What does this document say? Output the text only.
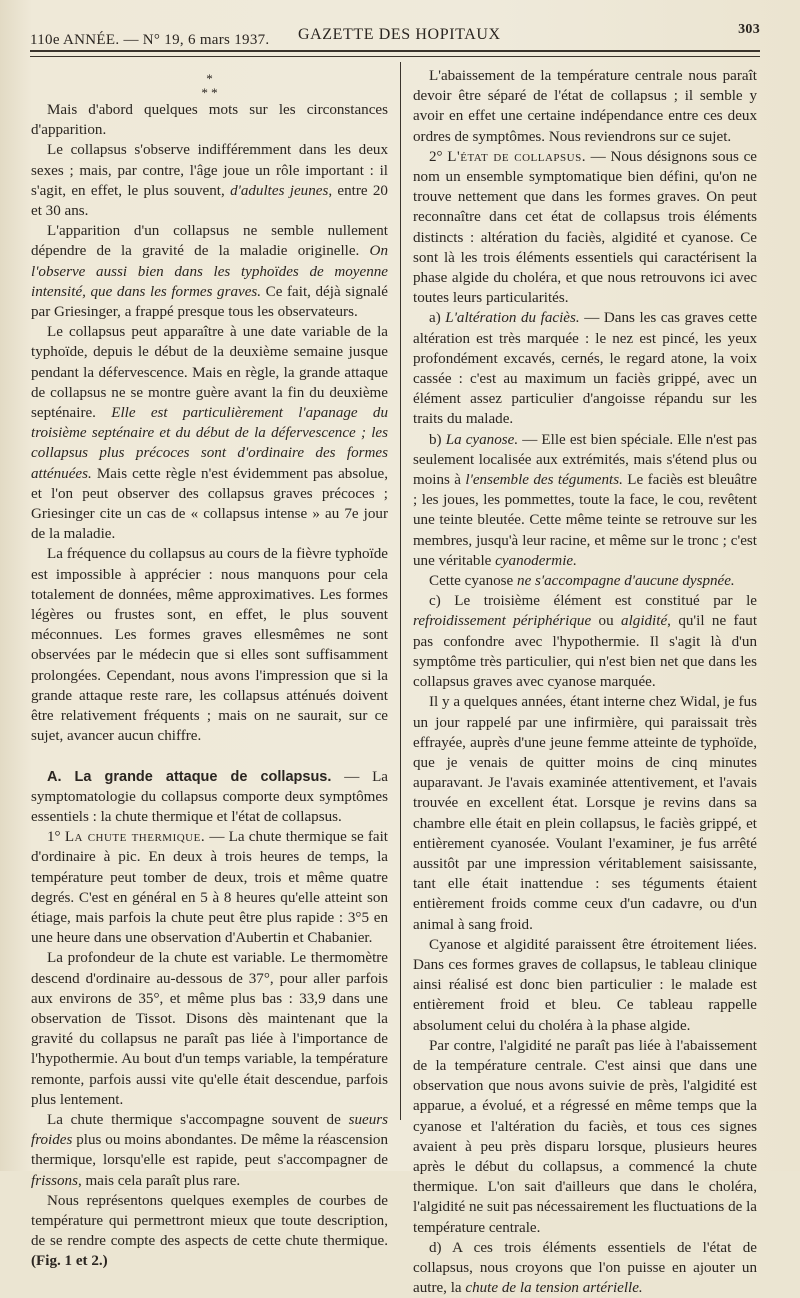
110e ANNÉE. — N° 19, 6 mars 1937. GAZETTE DES HOPITAUX	303
*
* *

Mais d'abord quelques mots sur les circonstances d'apparition.

Le collapsus s'observe indifféremment dans les deux sexes ; mais, par contre, l'âge joue un rôle important : il s'agit, en effet, le plus souvent, d'adultes jeunes, entre 20 et 30 ans.

L'apparition d'un collapsus ne semble nullement dépendre de la gravité de la maladie originelle. On l'observe aussi bien dans les typhoïdes de moyenne intensité, que dans les formes graves. Ce fait, déjà signalé par Griesinger, a frappé presque tous les observateurs.

Le collapsus peut apparaître à une date variable de la typhoïde, depuis le début de la deuxième semaine jusque pendant la défervescence. Mais en règle, la grande attaque de collapsus ne se montre guère avant la fin du deuxième septénaire. Elle est particulièrement l'apanage du troisième septénaire et du début de la défervescence ; les collapsus plus précoces sont d'ordinaire des formes atténuées. Mais cette règle n'est évidemment pas absolue, et l'on peut observer des collapsus graves précoces ; Griesinger cite un cas de « collapsus intense » au 7e jour de la maladie.

La fréquence du collapsus au cours de la fièvre typhoïde est impossible à apprécier : nous manquons pour cela totalement de données, même approximatives. Les formes légères ou frustes sont, en effet, le plus souvent méconnues. Les formes graves ellesmêmes ne sont observées par le médecin que si elles sont suffisamment prolongées. Cependant, nous avons l'impression que si la grande attaque reste rare, les collapsus atténués doivent être relativement fréquents ; mais on ne saurait, sur ce sujet, avancer aucun chiffre.

A. La grande attaque de collapsus. — La symptomatologie du collapsus comporte deux symptômes essentiels : la chute thermique et l'état de collapsus.

1° La chute thermique. — La chute thermique se fait d'ordinaire à pic. En deux à trois heures de temps, la température peut tomber de deux, trois et même quatre degrés. C'est en général en 5 à 8 heures qu'elle atteint son étiage, mais parfois la chute peut être plus rapide : 3°5 en une heure dans une observation d'Aubertin et Chabanier.

La profondeur de la chute est variable. Le thermomètre descend d'ordinaire au-dessous de 37°, pour aller parfois aux environs de 35°, et même plus bas : 33,9 dans une observation de Tissot. Disons dès maintenant que la gravité du collapsus ne paraît pas liée à l'importance de l'hypothermie. Au bout d'un temps variable, la température remonte, parfois aussi vite qu'elle était descendue, parfois plus lentement.

La chute thermique s'accompagne souvent de sueurs froides plus ou moins abondantes. De même la réascension thermique, lorsqu'elle est rapide, peut s'accompagner de frissons, mais cela paraît plus rare.

Nous représentons quelques exemples de courbes de température qui permettront mieux que toute description, de se rendre compte des aspects de cette chute thermique. (Fig. 1 et 2.)

L'abaissement de la température centrale nous paraît devoir être séparé de l'état de collapsus ; il semble y avoir en effet une certaine indépendance entre ces deux ordres de symptômes. Nous reviendrons sur ce sujet.

2° L'état de collapsus. — Nous désignons sous ce nom un ensemble symptomatique bien défini, qu'on ne trouve nettement que dans les formes graves. On peut reconnaître dans cet état de collapsus trois éléments distincts : altération du faciès, algidité et cyanose. Ce sont là les trois éléments essentiels qui caractérisent la phase algide du choléra, et que nous retrouvons ici avec toutes leurs particularités.

a) L'altération du faciès. — Dans les cas graves cette altération est très marquée : le nez est pincé, les yeux profondément excavés, cernés, le regard atone, la voix cassée : c'est au maximum un faciès grippé, avec un élément assez particulier d'angoisse répandu sur les traits du malade.

b) La cyanose. — Elle est bien spéciale. Elle n'est pas seulement localisée aux extrémités, mais s'étend plus ou moins à l'ensemble des téguments. Le faciès est bleuâtre ; les joues, les pommettes, toute la face, le cou, revêtent une teinte bleutée. Cette même teinte se retrouve sur les membres, jusqu'à leur racine, et même sur le tronc ; c'est une véritable cyanodermie.

Cette cyanose ne s'accompagne d'aucune dyspnée.

c) Le troisième élément est constitué par le refroidissement périphérique ou algidité, qu'il ne faut pas confondre avec l'hypothermie. Il s'agit là d'un symptôme très particulier, qui n'est bien net que dans les collapsus graves avec cyanose marquée.

Il y a quelques années, étant interne chez Widal, je fus un jour rappelé par une infirmière, qui paraissait très effrayée, auprès d'une jeune femme atteinte de typhoïde, que je venais de quitter moins de cinq minutes auparavant. Je l'avais examinée attentivement, et l'avais trouvée en excellent état. Lorsque je revins dans sa chambre elle était en plein collapsus, le faciès grippé, et entièrement cyanosée. Voulant l'examiner, je fus arrêté aussitôt par une impression véritablement saisissante, tant elle était inattendue : ses téguments étaient entièrement froids comme ceux d'un cadavre, ou d'un animal à sang froid.

Cyanose et algidité paraissent être étroitement liées. Dans ces formes graves de collapsus, le tableau clinique ainsi réalisé est donc bien particulier : le malade est entièrement froid et bleu. Ce tableau rappelle absolument celui du choléra à la phase algide.

Par contre, l'algidité ne paraît pas liée à l'abaissement de la température centrale. C'est ainsi que dans une observation que nous avons suivie de près, l'algidité est apparue, a évolué, et a régressé en même temps que la cyanose et l'altération du faciès, et tous ces signes avaient à peu près disparu lorsque, plusieurs heures après le début du collapsus, a commencé la chute thermique. L'on sait d'ailleurs que dans le choléra, l'algidité ne suit pas nécessairement les fluctuations de la température centrale.

d) A ces trois éléments essentiels de l'état de collapsus, nous croyons que l'on puisse en ajouter un autre, la chute de la tension artérielle.
